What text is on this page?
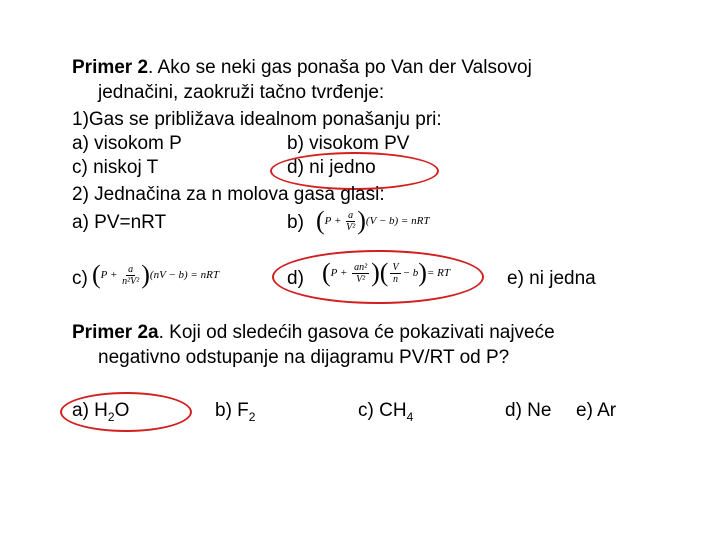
Primer 2. Ako se neki gas ponaša po Van der Valsovoj
jednačini, zaokruži tačno tvrđenje:
1)Gas se približava idealnom ponašanju pri:
a) visokom P	b) visokom PV
c) niskoj T	d) ni jedno
2) Jednačina za n molova gasa glasi:
a) PV=nRT	b) $(P + \frac{a}{\text{V²}} )(V - b)$ = nRT
c) $(P + \frac{a}{\text{n²V²}} )(nV - b)$ = nRT	d) ($P + \frac{\text{an²}}{\text{V²}}$ )( $\frac{V}{n} - b)=$ RT	e) ni jedna
Primer 2a. Koji od sledećih gasova će pokazivati najveće
negativno odstupanje na dijagramu PV/RT od P?
a) $H_2O$	b) $F_2$	c) $CH_4$	d) Ne e) Ar
